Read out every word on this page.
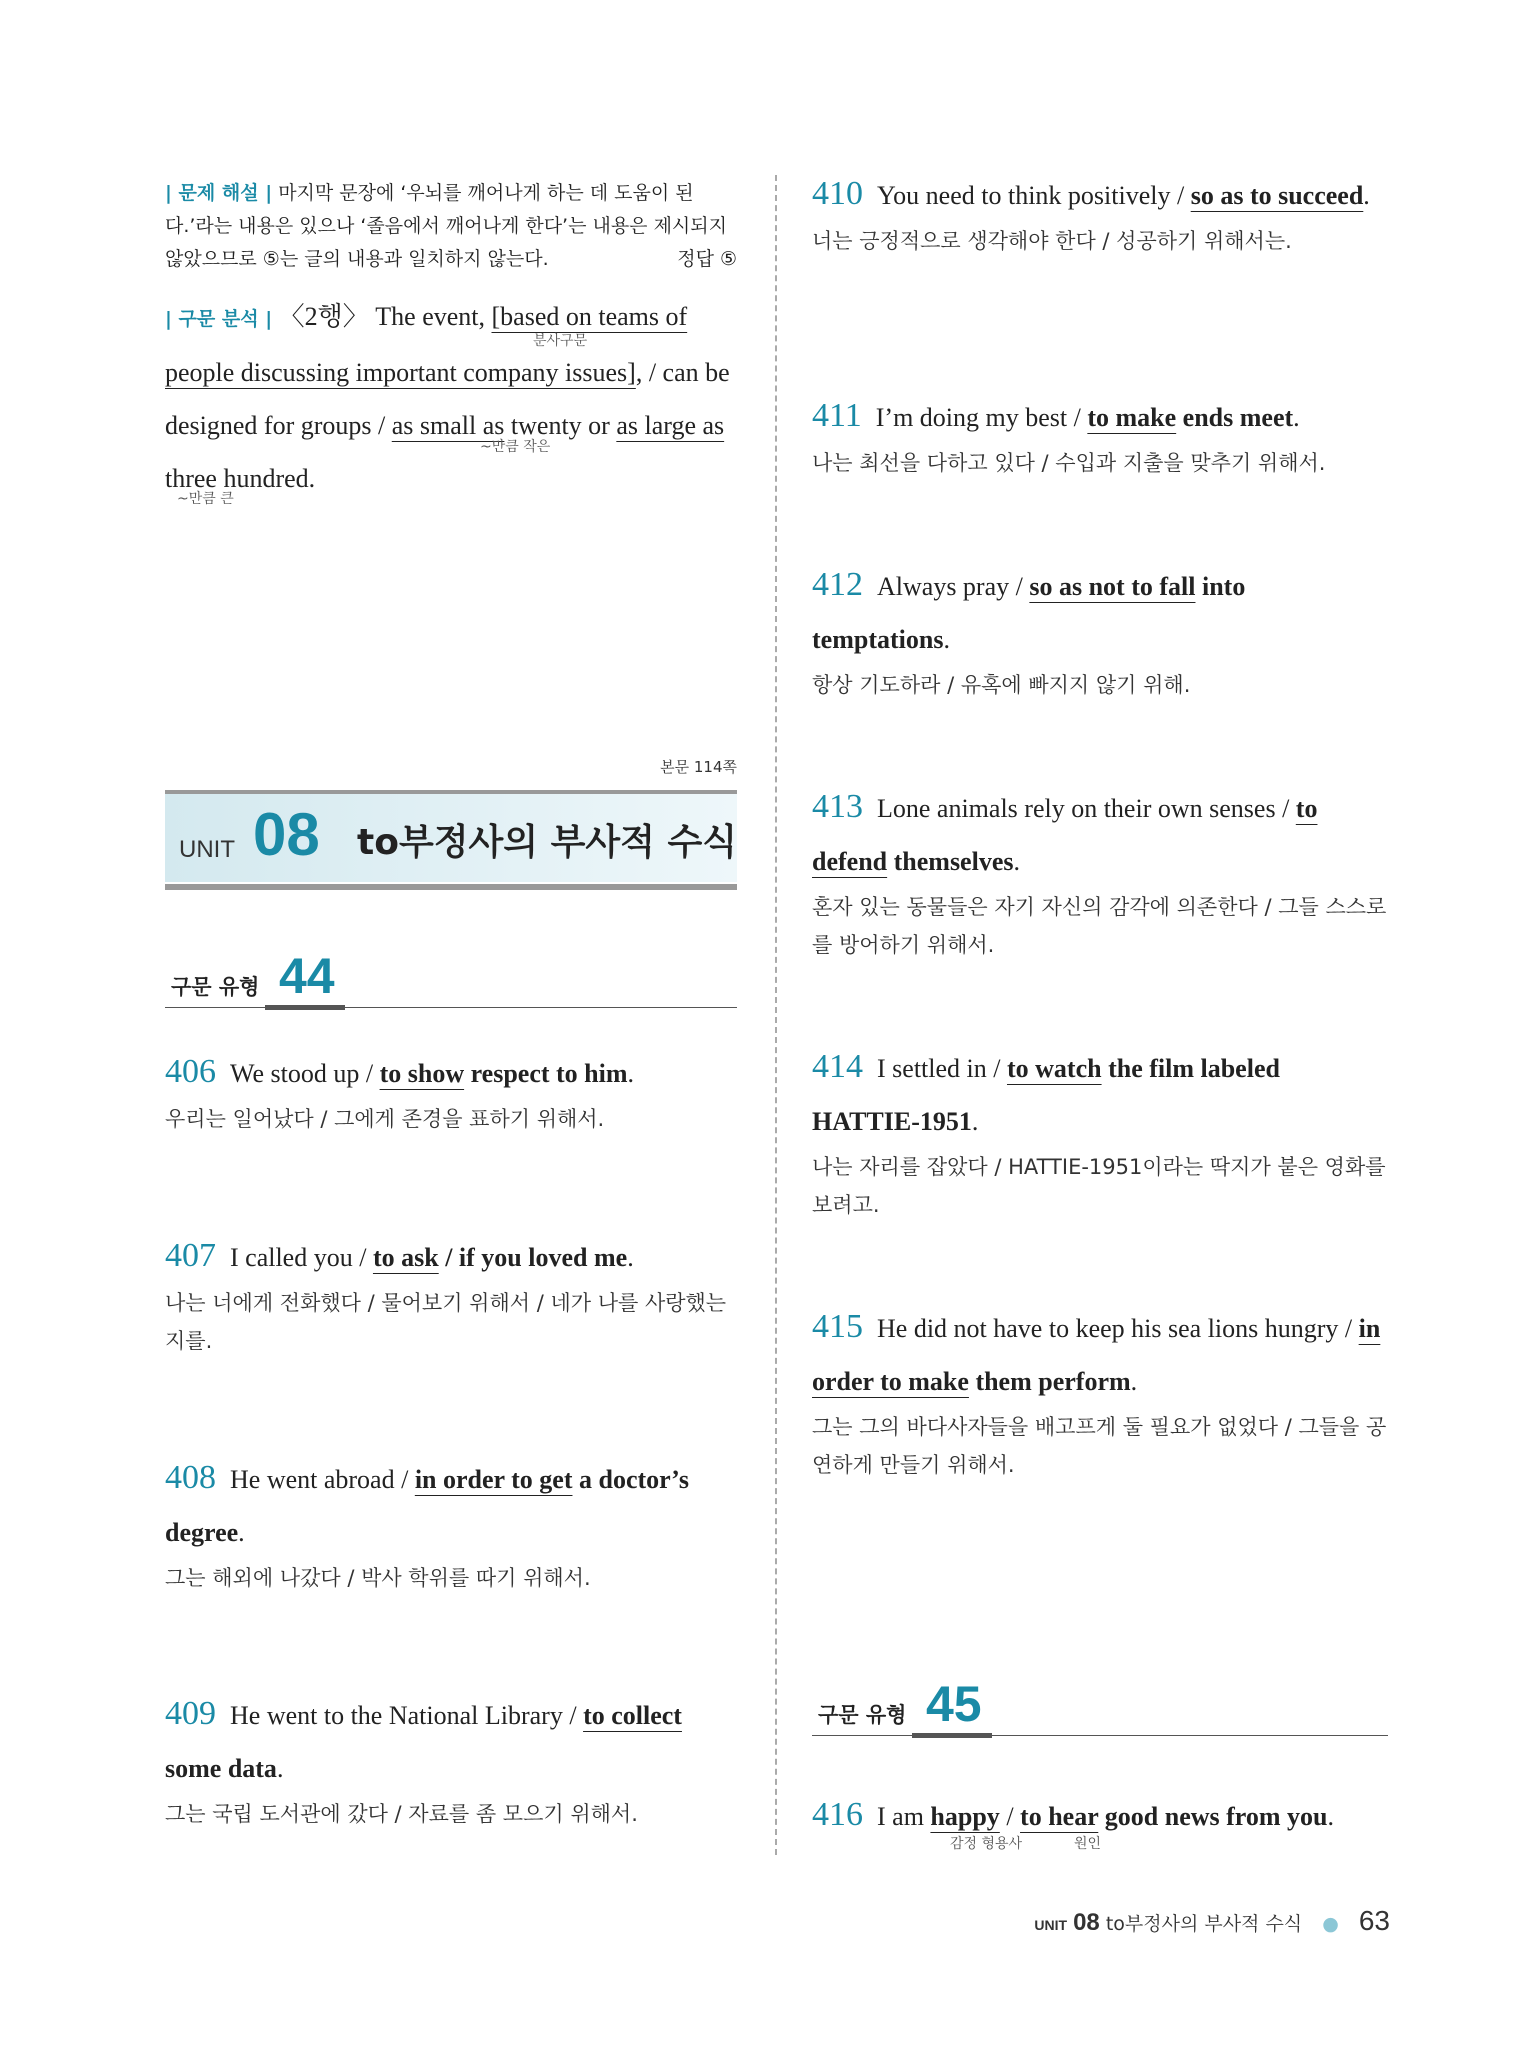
| 문제 해설 | 마지막 문장에 ‘우뇌를 깨어나게 하는 데 도움이 된다.’라는 내용은 있으나 ‘졸음에서 깨어나게 한다’는 내용은 제시되지 않았으므로 ⑤는 글의 내용과 일치하지 않는다.	정답 ⑤
| 구문 분석 | 〈2행〉 The event, [based on teams of people discussing important company issues], / can be designed for groups / as small as twenty or as large as three hundred.
분사구문
~만큼 작은
~만큼 큰
본문 114쪽
UNIT 08 to부정사의 부사적 수식
구문 유형 44
406 We stood up / to show respect to him.
우리는 일어났다 / 그에게 존경을 표하기 위해서.
407 I called you / to ask / if you loved me.
나는 너에게 전화했다 / 물어보기 위해서 / 네가 나를 사랑했는지를.
408 He went abroad / in order to get a doctor’s degree.
그는 해외에 나갔다 / 박사 학위를 따기 위해서.
409 He went to the National Library / to collect some data.
그는 국립 도서관에 갔다 / 자료를 좀 모으기 위해서.
410 You need to think positively / so as to succeed.
너는 긍정적으로 생각해야 한다 / 성공하기 위해서는.
411 I’m doing my best / to make ends meet.
나는 최선을 다하고 있다 / 수입과 지출을 맞추기 위해서.
412 Always pray / so as not to fall into temptations.
항상 기도하라 / 유혹에 빠지지 않기 위해.
413 Lone animals rely on their own senses / to defend themselves.
혼자 있는 동물들은 자기 자신의 감각에 의존한다 / 그들 스스로를 방어하기 위해서.
414 I settled in / to watch the film labeled HATTIE-1951.
나는 자리를 잡았다 / HATTIE-1951이라는 딱지가 붙은 영화를 보려고.
415 He did not have to keep his sea lions hungry / in order to make them perform.
그는 그의 바다사자들을 배고프게 둘 필요가 없었다 / 그들을 공연하게 만들기 위해서.
구문 유형 45
416 I am happy / to hear good news from you.
감정 형용사	원인
UNIT 08 to부정사의 부사적 수식 ● 63
